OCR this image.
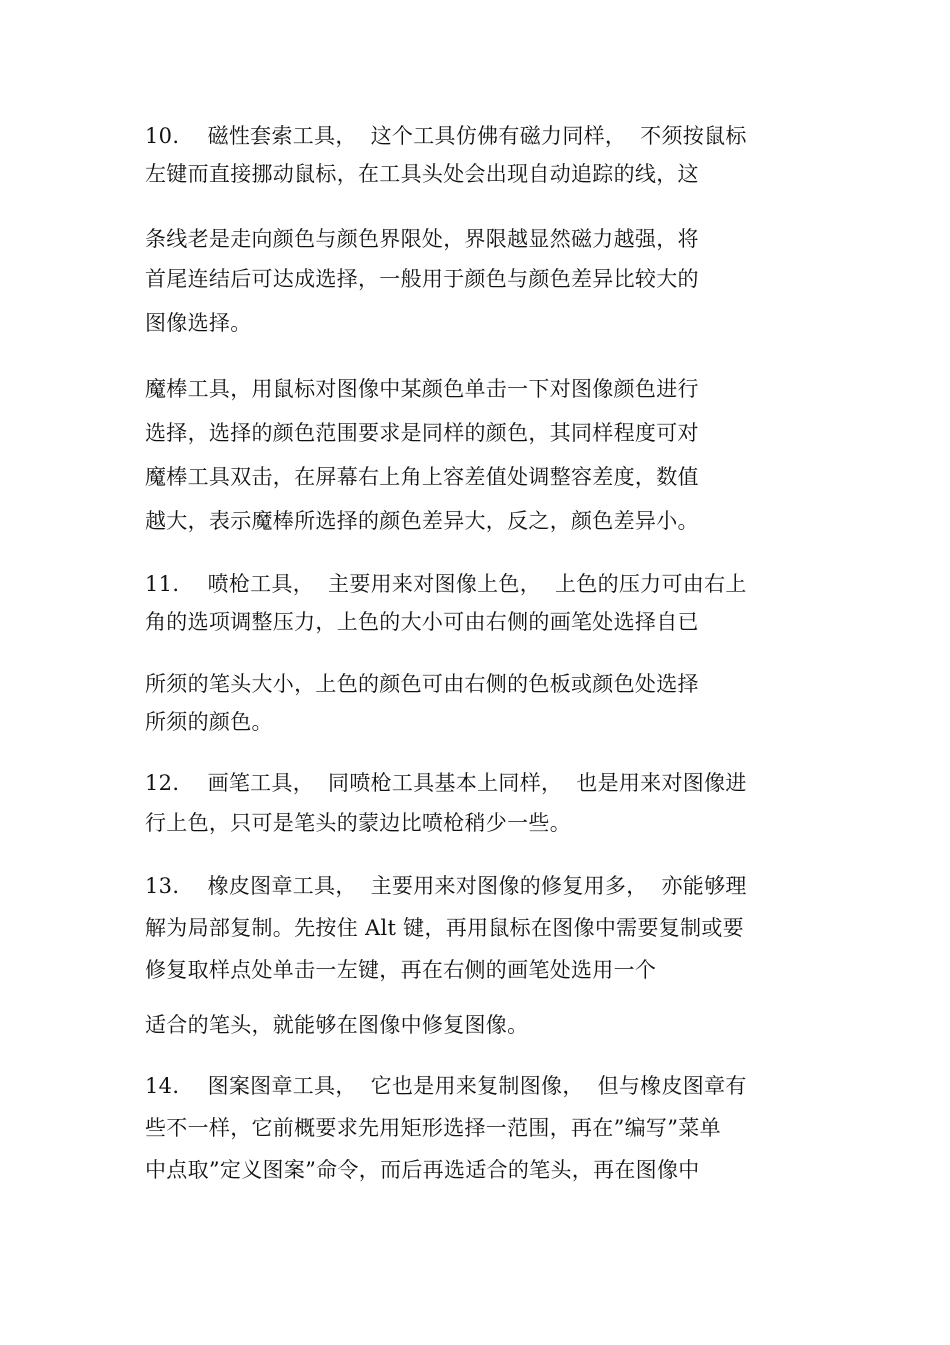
10.　 磁性套索工具，  这个工具仿佛有磁力同样，  不须按鼠标
左键而直接挪动鼠标，在工具头处会出现自动追踪的线，这
条线老是走向颜色与颜色界限处，界限越显然磁力越强，将
首尾连结后可达成选择，一般用于颜色与颜色差异比较大的
图像选择。
魔棒工具，用鼠标对图像中某颜色单击一下对图像颜色进行
选择，选择的颜色范围要求是同样的颜色，其同样程度可对
魔棒工具双击，在屏幕右上角上容差值处调整容差度，数值
越大，表示魔棒所选择的颜色差异大，反之，颜色差异小。
11.　 喷枪工具，  主要用来对图像上色，  上色的压力可由右上
角的选项调整压力，上色的大小可由右侧的画笔处选择自已
所须的笔头大小，上色的颜色可由右侧的色板或颜色处选择
所须的颜色。
12.　 画笔工具，  同喷枪工具基本上同样，  也是用来对图像进
行上色，只可是笔头的蒙边比喷枪稍少一些。
13.　 橡皮图章工具，  主要用来对图像的修复用多，  亦能够理
解为局部复制。先按住 Alt 键，再用鼠标在图像中需要复制或要
修复取样点处单击一左键，再在右侧的画笔处选用一个
适合的笔头，就能够在图像中修复图像。
14.　 图案图章工具，  它也是用来复制图像，  但与橡皮图章有
些不一样，它前概要求先用矩形选择一范围，再在”编写”菜单
中点取”定义图案”命令，而后再选适合的笔头，再在图像中
